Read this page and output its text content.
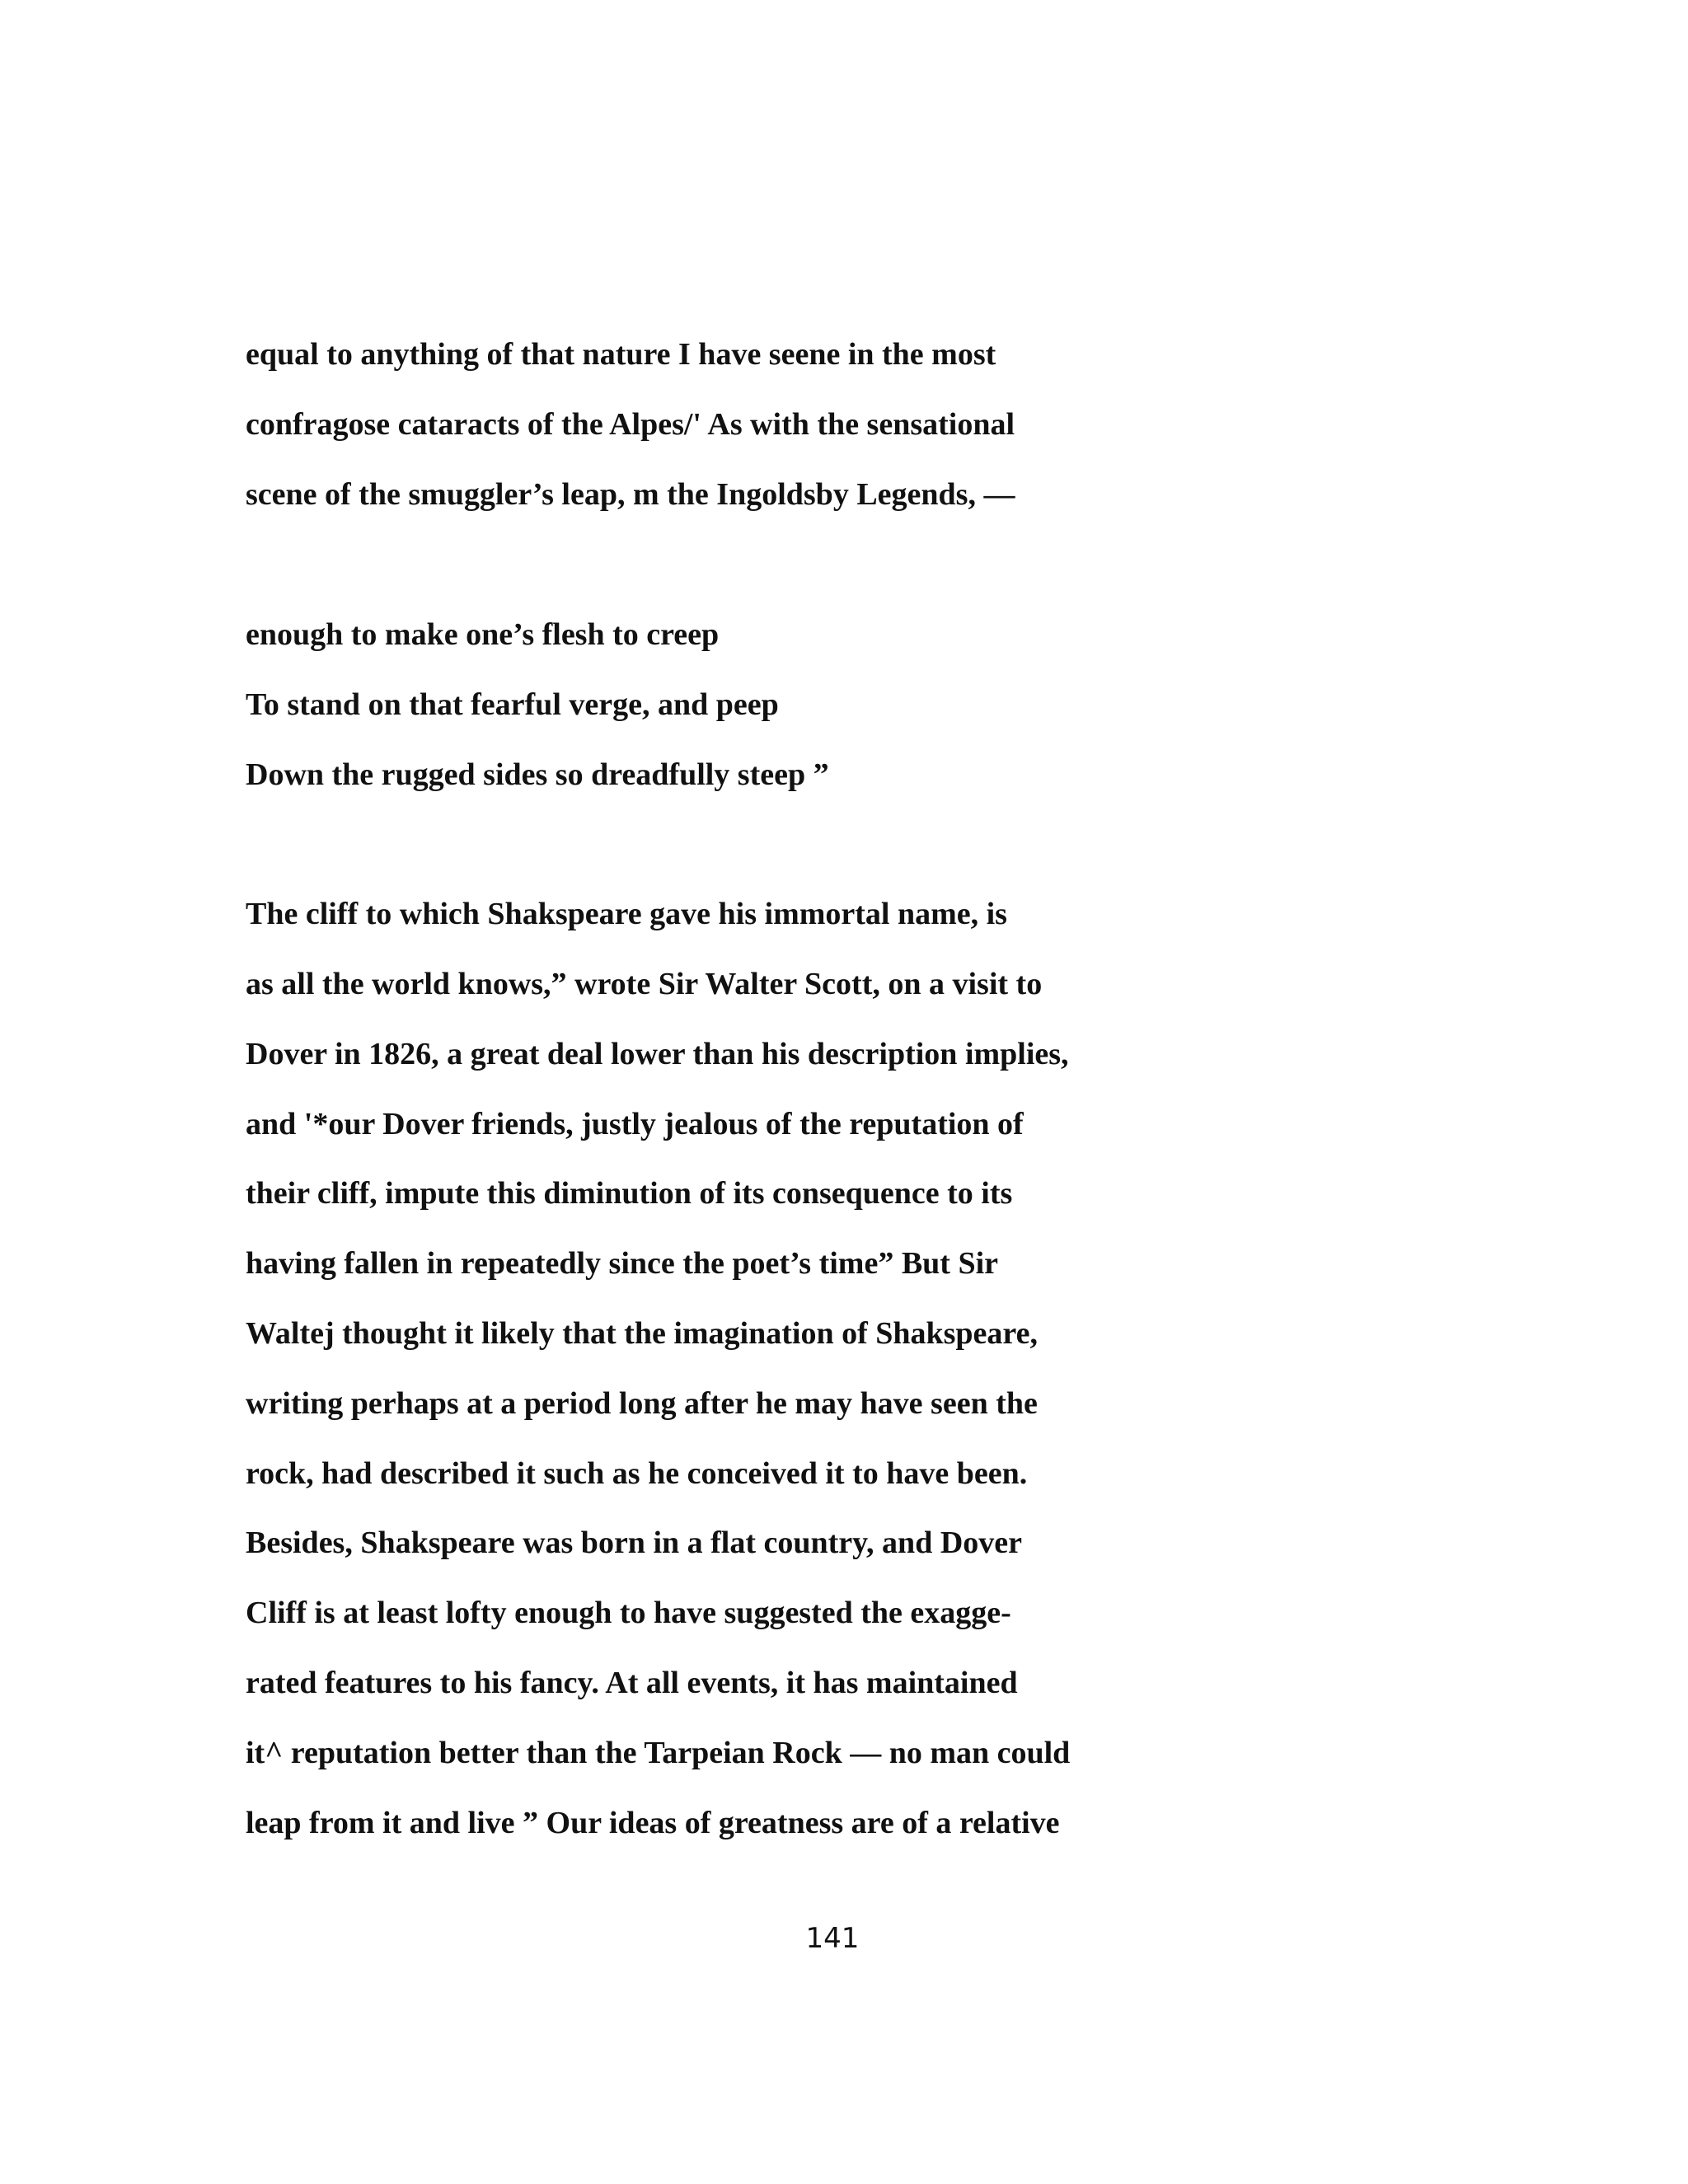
equal to anything of that nature I have seene in the most

confragose cataracts of the Alpes/' As with the sensational

scene of the smuggler’s leap, m the Ingoldsby Legends, —

enough to make one’s flesh to creep

To stand on that fearful verge, and peep

Down the rugged sides so dreadfully steep ”

The cliff to which Shakspeare gave his immortal name, is

as all the world knows,” wrote Sir Walter Scott, on a visit to

Dover in 1826, a great deal lower than his description implies,

and '*our Dover friends, justly jealous of the reputation of

their cliff, impute this diminution of its consequence to its

having fallen in repeatedly since the poet’s time” But Sir

Waltej thought it likely that the imagination of Shakspeare,

writing perhaps at a period long after he may have seen the

rock, had described it such as he conceived it to have been.

Besides, Shakspeare was born in a flat country, and Dover

Cliff is at least lofty enough to have suggested the exagge-

rated features to his fancy. At all events, it has maintained

it^ reputation better than the Tarpeian Rock — no man could

leap from it and live ” Our ideas of greatness are of a relative

141
